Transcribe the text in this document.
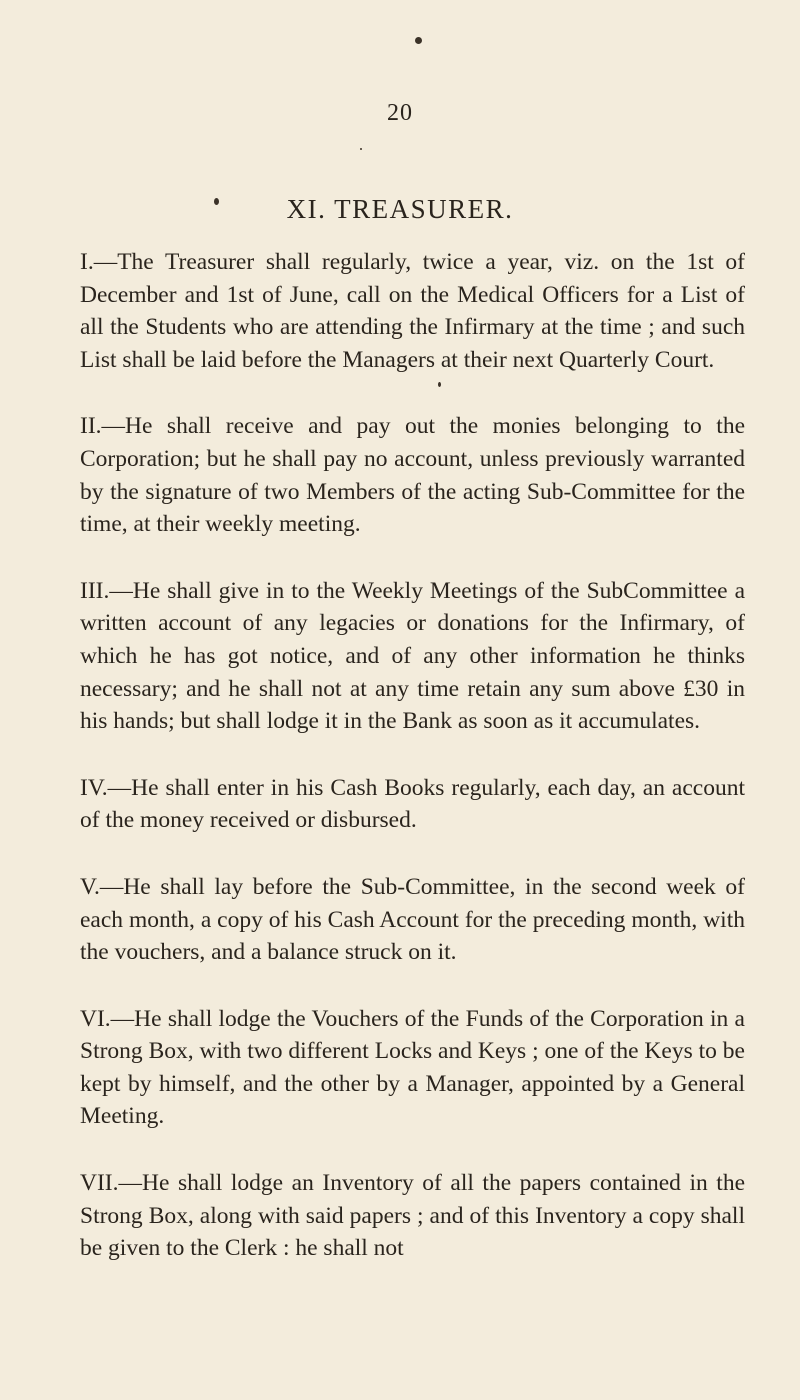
20
XI. TREASURER.

I.—The Treasurer shall regularly, twice a year, viz. on the 1st of December and 1st of June, call on the Medical Officers for a List of all the Students who are attending the Infirmary at the time ; and such List shall be laid before the Managers at their next Quarterly Court.

II.—He shall receive and pay out the monies belonging to the Corporation; but he shall pay no account, unless previously warranted by the signature of two Members of the acting Sub-Committee for the time, at their weekly meeting.

III.—He shall give in to the Weekly Meetings of the SubCommittee a written account of any legacies or donations for the Infirmary, of which he has got notice, and of any other information he thinks necessary; and he shall not at any time retain any sum above £30 in his hands; but shall lodge it in the Bank as soon as it accumulates.

IV.—He shall enter in his Cash Books regularly, each day, an account of the money received or disbursed.

V.—He shall lay before the Sub-Committee, in the second week of each month, a copy of his Cash Account for the preceding month, with the vouchers, and a balance struck on it.

VI.—He shall lodge the Vouchers of the Funds of the Corporation in a Strong Box, with two different Locks and Keys ; one of the Keys to be kept by himself, and the other by a Manager, appointed by a General Meeting.

VII.—He shall lodge an Inventory of all the papers contained in the Strong Box, along with said papers ; and of this Inventory a copy shall be given to the Clerk : he shall not
